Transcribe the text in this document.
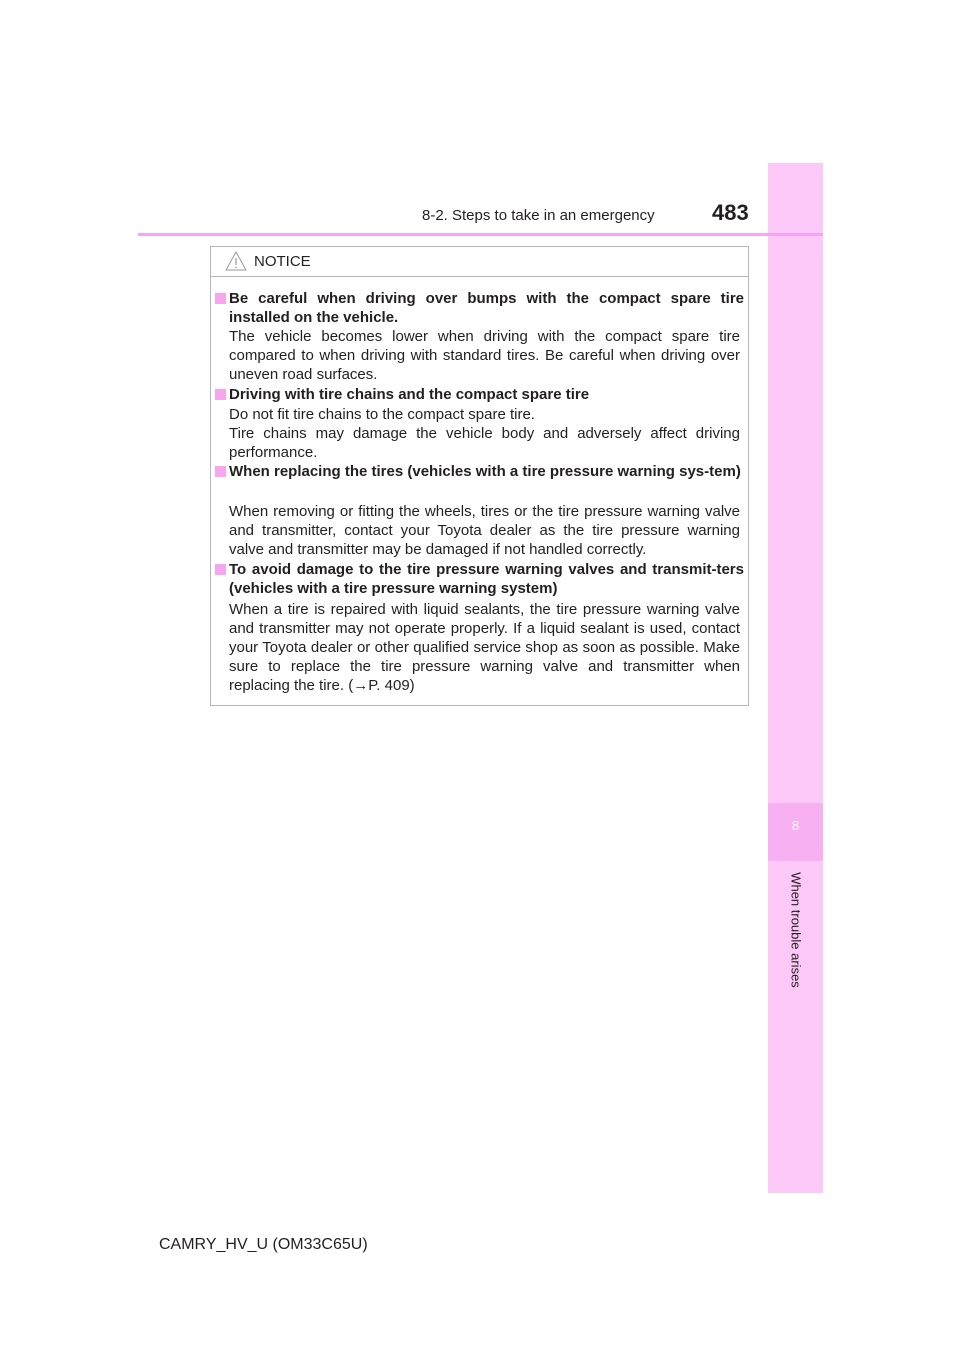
8
When trouble arises
8-2. Steps to take in an emergency	483
NOTICE
Be careful when driving over bumps with the compact spare tire installed on the vehicle.
The vehicle becomes lower when driving with the compact spare tire compared to when driving with standard tires. Be careful when driving over uneven road surfaces.
Driving with tire chains and the compact spare tire
Do not fit tire chains to the compact spare tire.
Tire chains may damage the vehicle body and adversely affect driving performance.
When replacing the tires (vehicles with a tire pressure warning sys-tem)
When removing or fitting the wheels, tires or the tire pressure warning valve and transmitter, contact your Toyota dealer as the tire pressure warning valve and transmitter may be damaged if not handled correctly.
To avoid damage to the tire pressure warning valves and transmit-ters (vehicles with a tire pressure warning system)
When a tire is repaired with liquid sealants, the tire pressure warning valve and transmitter may not operate properly. If a liquid sealant is used, contact your Toyota dealer or other qualified service shop as soon as possible. Make sure to replace the tire pressure warning valve and transmitter when replacing the tire. (→P. 409)
CAMRY_HV_U (OM33C65U)
